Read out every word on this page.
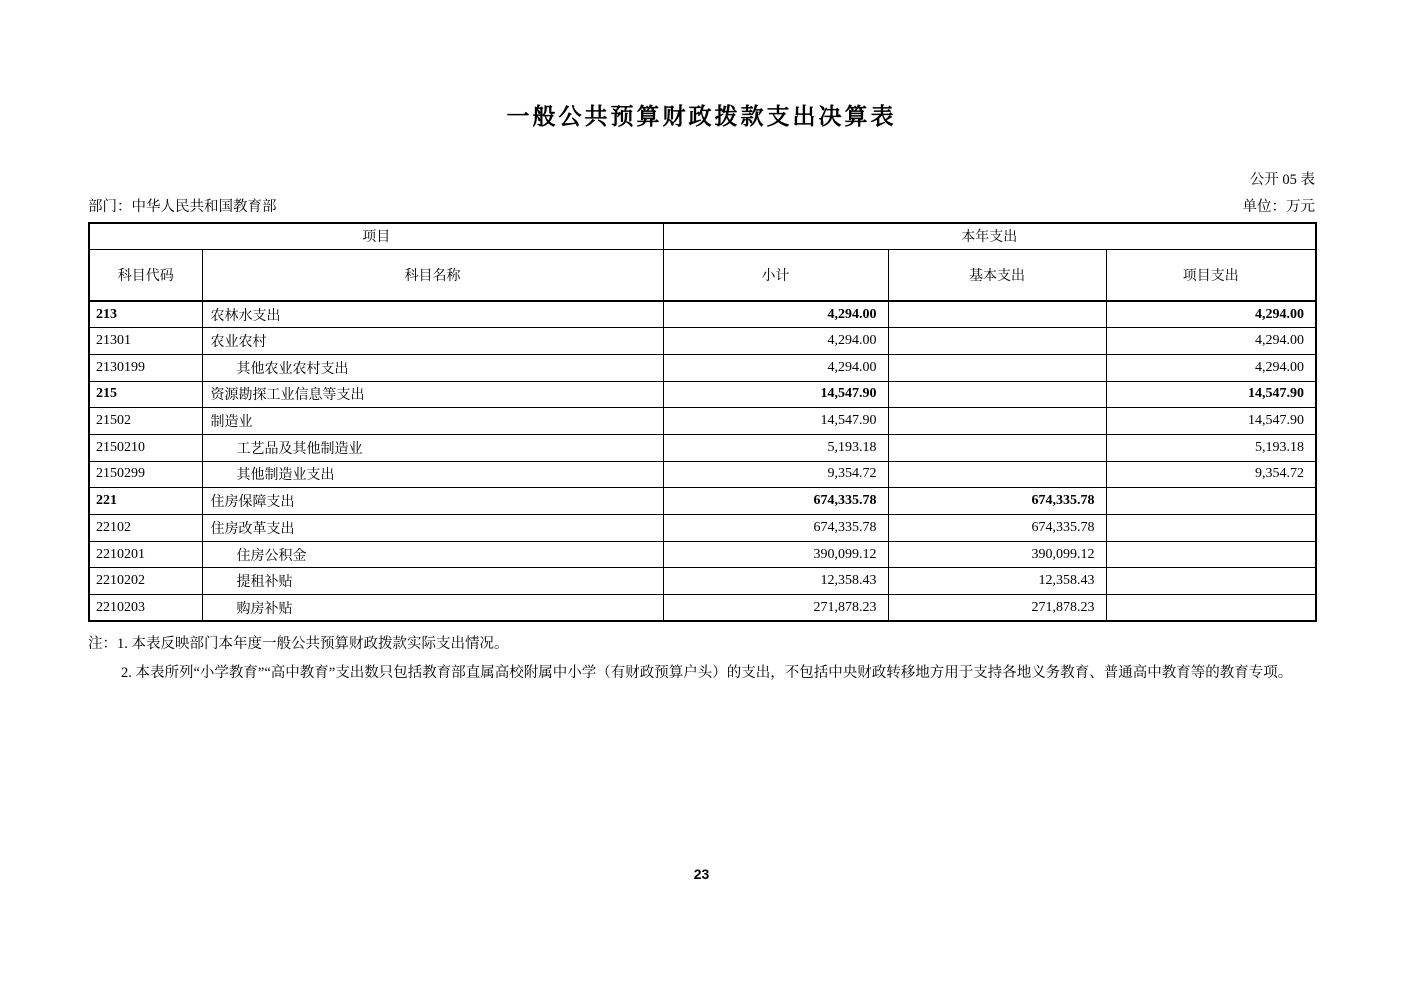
一般公共预算财政拨款支出决算表
公开 05 表
部门：中华人民共和国教育部	单位：万元
项目		本年支出		
科目代码	科目名称	小计	基本支出	项目支出
213	农林水支出	4,294.00		4,294.00
21301	农业农村	4,294.00		4,294.00
2130199	其他农业农村支出	4,294.00		4,294.00
215	资源勘探工业信息等支出	14,547.90		14,547.90
21502	制造业	14,547.90		14,547.90
2150210	工艺品及其他制造业	5,193.18		5,193.18
2150299	其他制造业支出	9,354.72		9,354.72
221	住房保障支出	674,335.78	674,335.78	
22102	住房改革支出	674,335.78	674,335.78	
2210201	住房公积金	390,099.12	390,099.12	
2210202	提租补贴	12,358.43	12,358.43	
2210203	购房补贴	271,878.23	271,878.23	
注： 1. 本表反映部门本年度一般公共预算财政拨款实际支出情况。
2. 本表所列“小学教育”“高中教育”支出数只包括教育部直属高校附属中小学（有财政预算户头）的支出，不包括中央财政转移地方用于支持各地义务教育、普通高中教育等的教育专项。
23
